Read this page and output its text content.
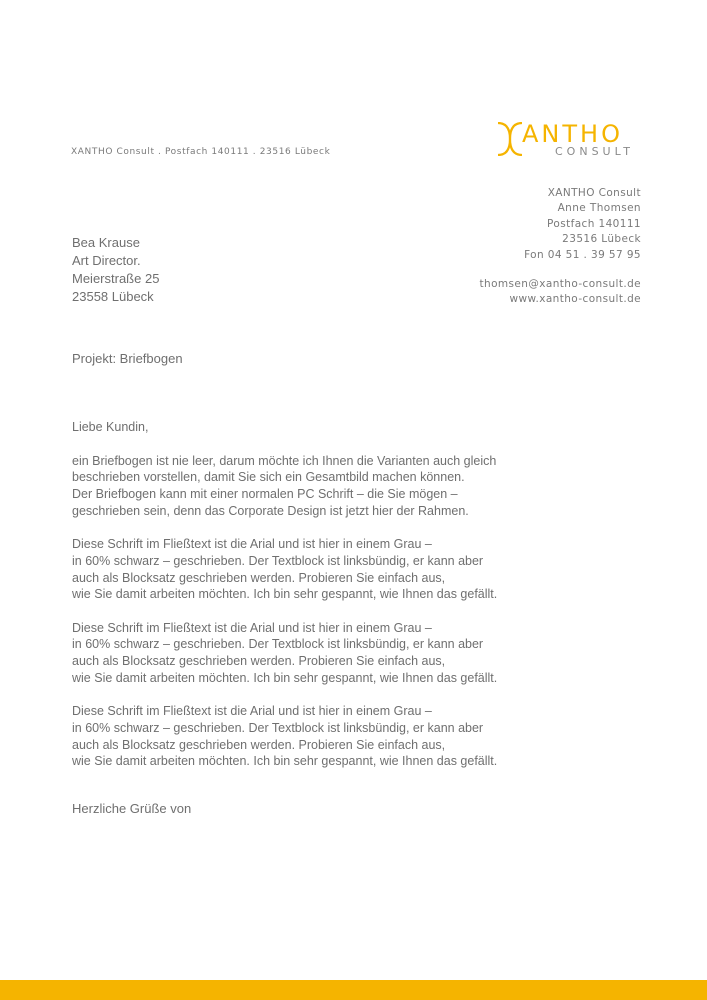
ANTHO
CONSULT
XANTHO Consult . Postfach 140111 . 23516 Lübeck
XANTHO Consult
Anne Thomsen
Postfach 140111
23516 Lübeck
Fon 04 51 . 39 57 95
thomsen@xantho-consult.de
www.xantho-consult.de
Bea Krause
Art Director.
Meierstraße 25
23558 Lübeck
Projekt: Briefbogen
Liebe Kundin,

ein Briefbogen ist nie leer, darum möchte ich Ihnen die Varianten auch gleich
beschrieben vorstellen, damit Sie sich ein Gesamtbild machen können.
Der Briefbogen kann mit einer normalen PC Schrift – die Sie mögen –
geschrieben sein, denn das Corporate Design ist jetzt hier der Rahmen.

Diese Schrift im Fließtext ist die Arial und ist hier in einem Grau –
in 60% schwarz – geschrieben. Der Textblock ist linksbündig, er kann aber
auch als Blocksatz geschrieben werden. Probieren Sie einfach aus,
wie Sie damit arbeiten möchten. Ich bin sehr gespannt, wie Ihnen das gefällt.

Diese Schrift im Fließtext ist die Arial und ist hier in einem Grau –
in 60% schwarz – geschrieben. Der Textblock ist linksbündig, er kann aber
auch als Blocksatz geschrieben werden. Probieren Sie einfach aus,
wie Sie damit arbeiten möchten. Ich bin sehr gespannt, wie Ihnen das gefällt.

Diese Schrift im Fließtext ist die Arial und ist hier in einem Grau –
in 60% schwarz – geschrieben. Der Textblock ist linksbündig, er kann aber
auch als Blocksatz geschrieben werden. Probieren Sie einfach aus,
wie Sie damit arbeiten möchten. Ich bin sehr gespannt, wie Ihnen das gefällt.

Herzliche Grüße von
